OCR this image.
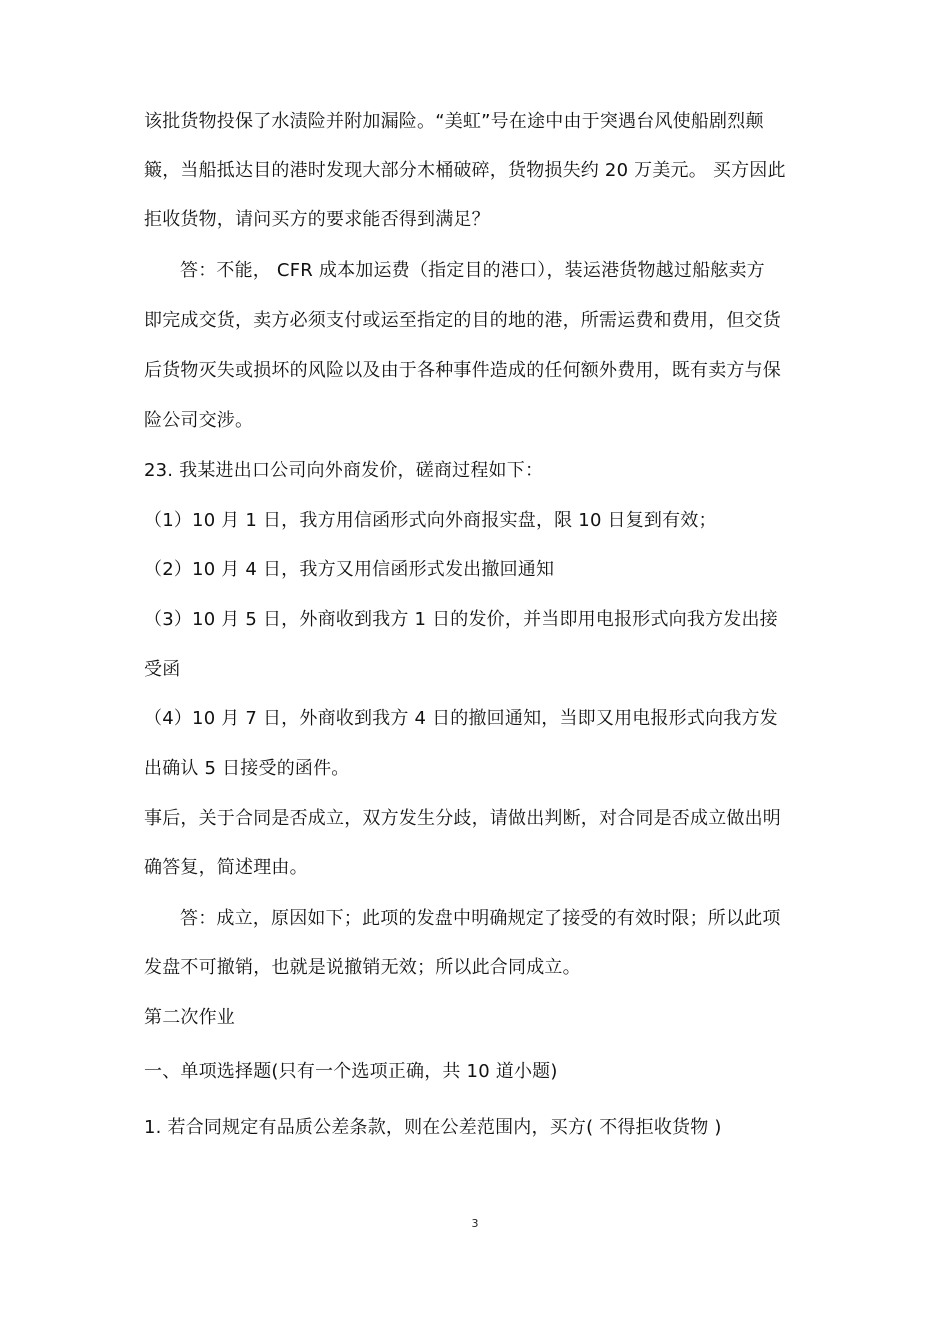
该批货物投保了水渍险并附加漏险。“美虹”号在途中由于突遇台风使船剧烈颠
簸，当船抵达目的港时发现大部分木桶破碎，货物损失约 20 万美元。 买方因此
拒收货物，请问买方的要求能否得到满足？
答：不能， CFR 成本加运费（指定目的港口），装运港货物越过船舷卖方
即完成交货，卖方必须支付或运至指定的目的地的港，所需运费和费用，但交货
后货物灭失或损坏的风险以及由于各种事件造成的任何额外费用，既有卖方与保
险公司交涉。
23. 我某进出口公司向外商发价，磋商过程如下：
（1）10 月 1 日，我方用信函形式向外商报实盘，限 10 日复到有效；
（2）10 月 4 日，我方又用信函形式发出撤回通知
（3）10 月 5 日，外商收到我方 1 日的发价，并当即用电报形式向我方发出接
受函
（4）10 月 7 日，外商收到我方 4 日的撤回通知，当即又用电报形式向我方发
出确认 5 日接受的函件。
事后，关于合同是否成立，双方发生分歧，请做出判断，对合同是否成立做出明
确答复，简述理由。
答：成立，原因如下；此项的发盘中明确规定了接受的有效时限；所以此项
发盘不可撤销，也就是说撤销无效；所以此合同成立。
第二次作业
一、单项选择题(只有一个选项正确，共 10 道小题)
1. 若合同规定有品质公差条款，则在公差范围内，买方( 不得拒收货物 )
3
